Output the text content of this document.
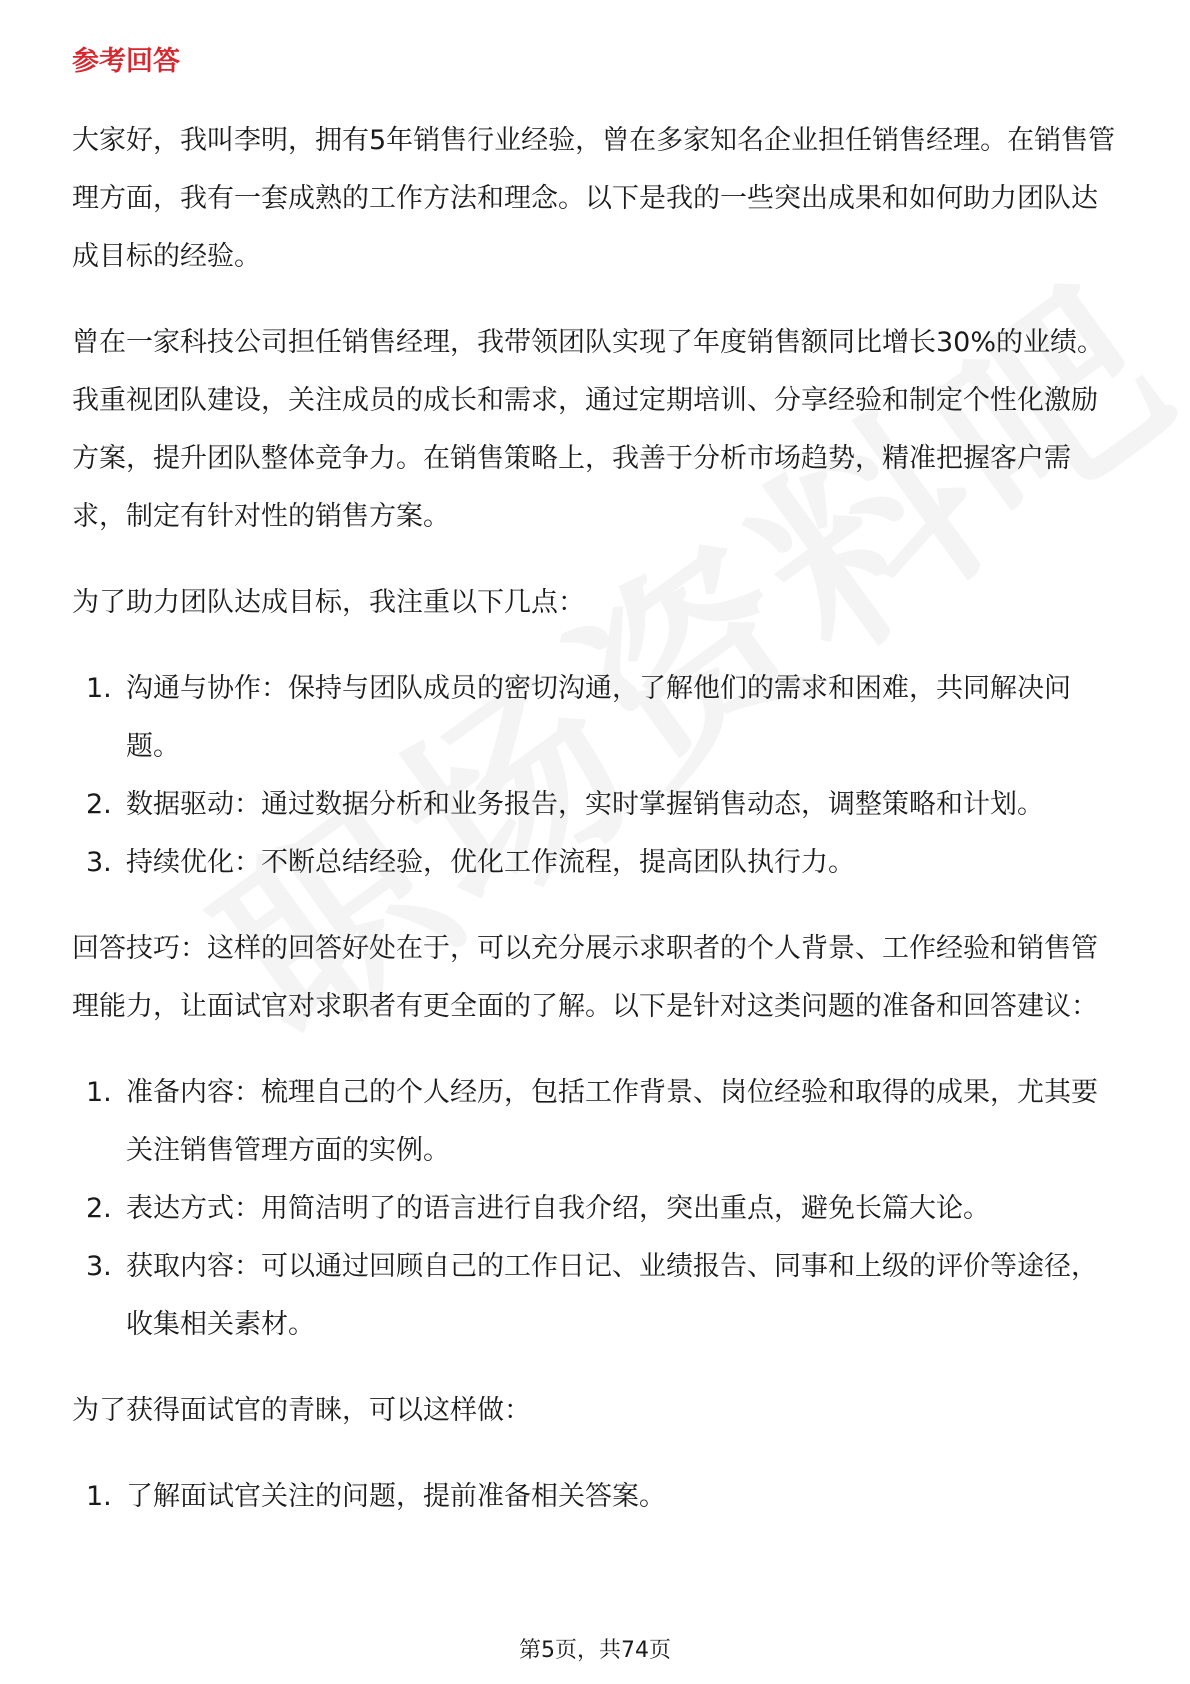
参考回答

大家好，我叫李明，拥有5年销售行业经验，曾在多家知名企业担任销售经理。在销售管理方面，我有一套成熟的工作方法和理念。以下是我的一些突出成果和如何助力团队达成目标的经验。

曾在一家科技公司担任销售经理，我带领团队实现了年度销售额同比增长30%的业绩。我重视团队建设，关注成员的成长和需求，通过定期培训、分享经验和制定个性化激励方案，提升团队整体竞争力。在销售策略上，我善于分析市场趋势，精准把握客户需求，制定有针对性的销售方案。

为了助力团队达成目标，我注重以下几点：

1. 沟通与协作：保持与团队成员的密切沟通，了解他们的需求和困难，共同解决问题。
2. 数据驱动：通过数据分析和业务报告，实时掌握销售动态，调整策略和计划。
3. 持续优化：不断总结经验，优化工作流程，提高团队执行力。

回答技巧：这样的回答好处在于，可以充分展示求职者的个人背景、工作经验和销售管理能力，让面试官对求职者有更全面的了解。以下是针对这类问题的准备和回答建议：

1. 准备内容：梳理自己的个人经历，包括工作背景、岗位经验和取得的成果，尤其要关注销售管理方面的实例。
2. 表达方式：用简洁明了的语言进行自我介绍，突出重点，避免长篇大论。
3. 获取内容：可以通过回顾自己的工作日记、业绩报告、同事和上级的评价等途径，收集相关素材。

为了获得面试官的青睐，可以这样做：

1. 了解面试官关注的问题，提前准备相关答案。
第5页，共74页
